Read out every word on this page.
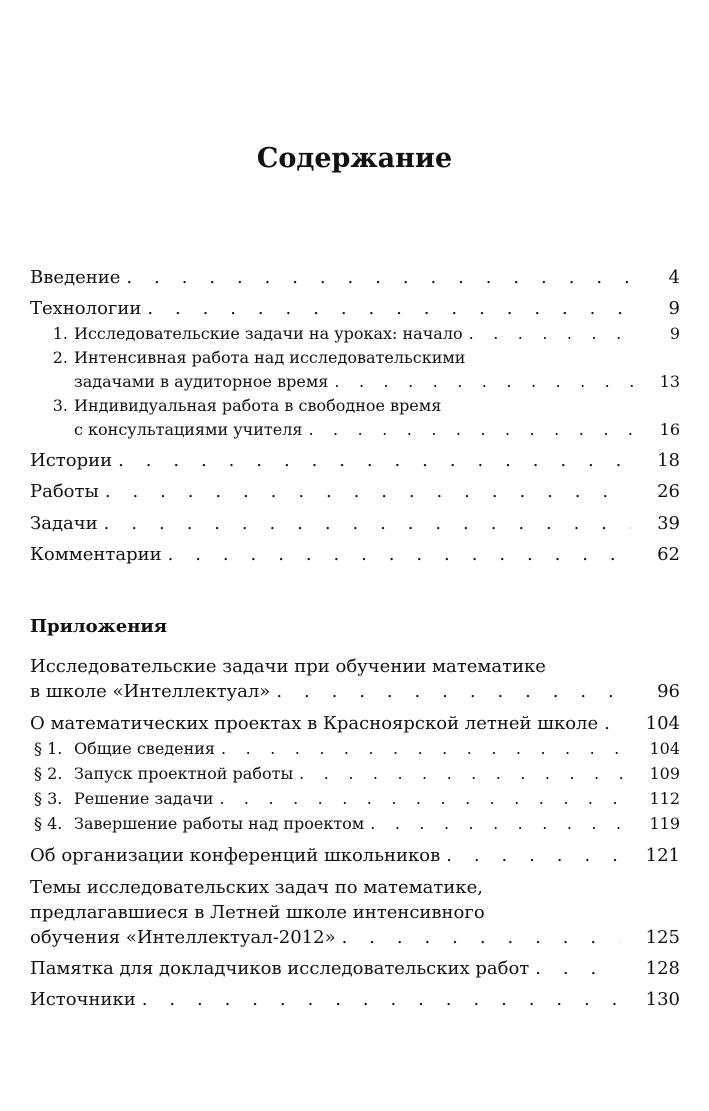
Содержание
Введение . . .	4
Технологии . . .	9
1. Исследовательские задачи на уроках: начало . . .	9
2. Интенсивная работа над исследовательскими
задачами в аудиторное время . . .	13
3. Индивидуальная работа в свободное время
с консультациями учителя . . .	16
Истории . . .	18
Работы . . .	26
Задачи . . .	39
Комментарии . . .	62
Приложения
Исследовательские задачи при обучении математике
в школе «Интеллектуал» . . .	96
О математических проектах в Красноярской летней школе . . .	104
§ 1. Общие сведения . . .	104
§ 2. Запуск проектной работы . . .	109
§ 3. Решение задачи . . .	112
§ 4. Завершение работы над проектом . . .	119
Об организации конференций школьников . . .	121
Темы исследовательских задач по математике,
предлагавшиеся в Летней школе интенсивного
обучения «Интеллектуал-2012» . . .	125
Памятка для докладчиков исследовательских работ . . .	128
Источники . . .	130
